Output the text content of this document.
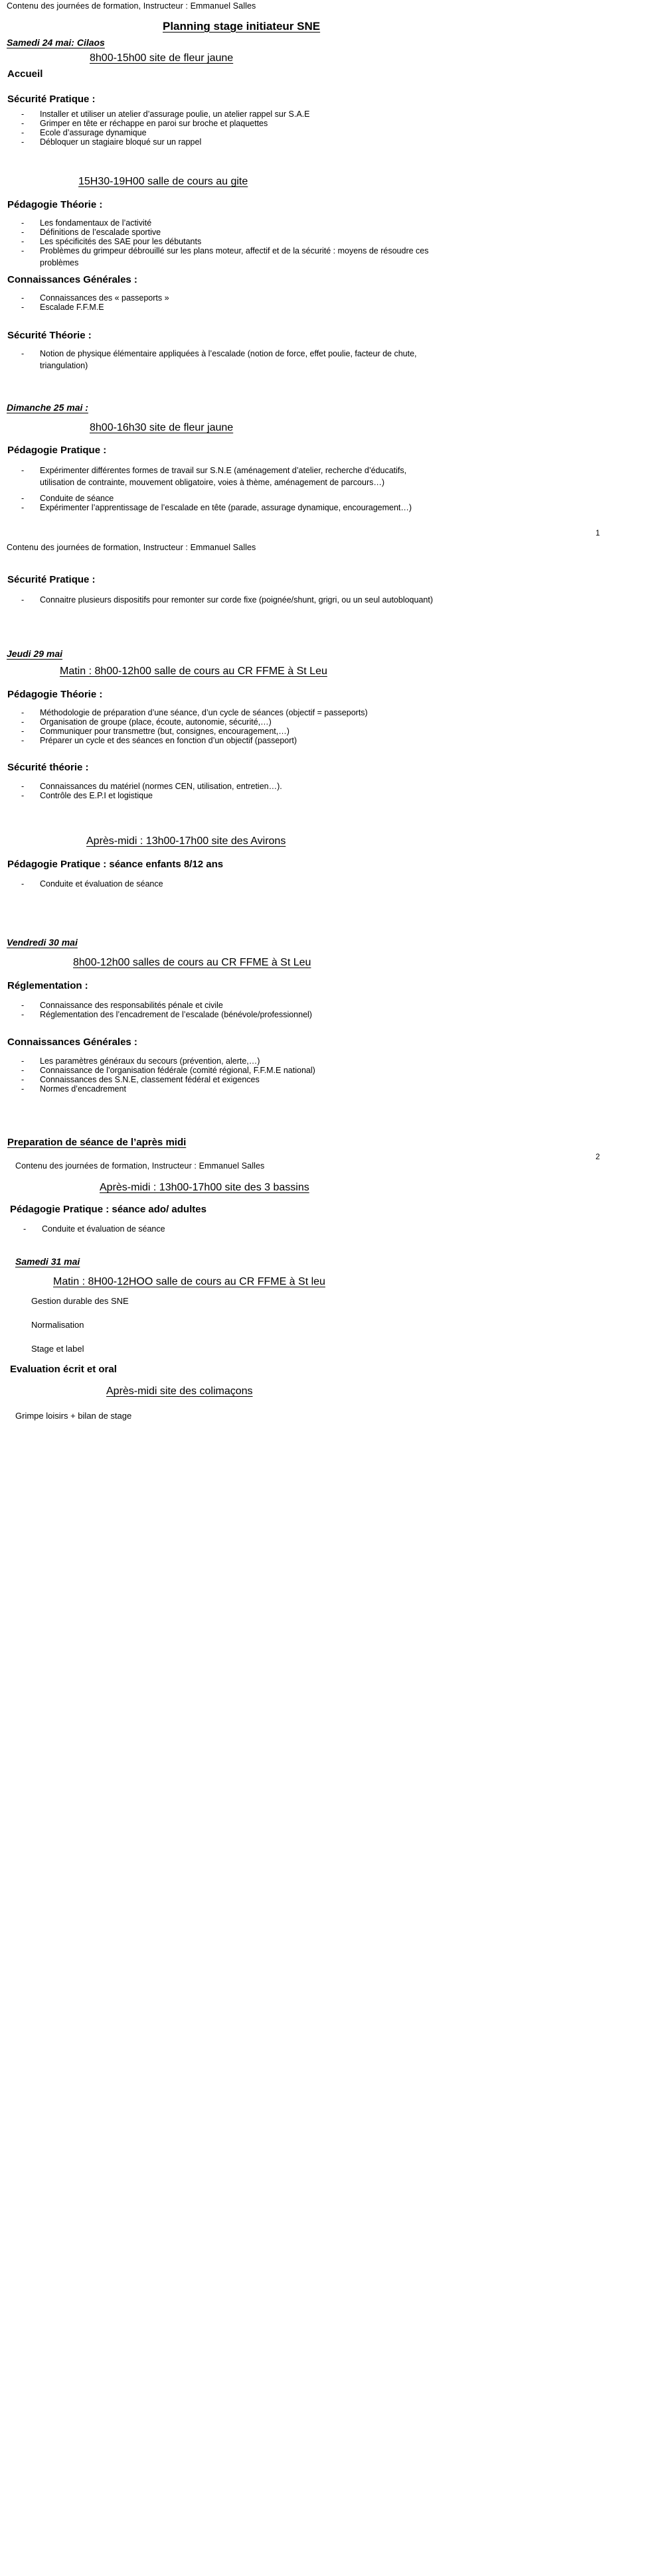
Contenu des journées de formation, Instructeur : Emmanuel Salles
Planning stage initiateur SNE
Samedi 24 mai: Cilaos
8h00-15h00 site de fleur jaune
Accueil
Sécurité Pratique :
- Installer et utiliser un atelier d’assurage poulie, un atelier rappel sur S.A.E
- Grimper en tête er réchappe en paroi sur broche et plaquettes
- Ecole d’assurage dynamique
- Débloquer un stagiaire bloqué sur un rappel
15H30-19H00 salle de cours au gite
Pédagogie Théorie :
- Les fondamentaux de l’activité
- Définitions de l’escalade sportive
- Les spécificités des SAE pour les débutants
- Problèmes du grimpeur débrouillé sur les plans moteur, affectif et de la sécurité : moyens de résoudre ces problèmes
Connaissances Générales :
- Connaissances des « passeports »
- Escalade F.F.M.E
Sécurité Théorie :
- Notion de physique élémentaire appliquées à l’escalade (notion de force, effet poulie, facteur de chute, triangulation)
Dimanche 25 mai :
8h00-16h30 site de fleur jaune
Pédagogie Pratique :
- Expérimenter différentes formes de travail sur S.N.E (aménagement d’atelier, recherche d’éducatifs, utilisation de contrainte, mouvement obligatoire, voies à thème, aménagement de parcours…)
- Conduite de séance
- Expérimenter l’apprentissage de l’escalade en tête (parade, assurage dynamique, encouragement…)
1
Contenu des journées de formation, Instructeur : Emmanuel Salles
Sécurité Pratique :
- Connaitre plusieurs dispositifs pour remonter sur corde fixe (poignée/shunt, grigri, ou un seul autobloquant)
Jeudi 29 mai
Matin : 8h00-12h00 salle de cours au CR FFME à St Leu
Pédagogie Théorie :
- Méthodologie de préparation d’une séance, d’un cycle de séances (objectif = passeports)
- Organisation de groupe (place, écoute, autonomie, sécurité,…)
- Communiquer pour transmettre (but, consignes, encouragement,…)
- Préparer un cycle et des séances en fonction d’un objectif (passeport)
Sécurité théorie :
- Connaissances du matériel (normes CEN, utilisation, entretien…).
- Contrôle des E.P.I et logistique
Après-midi : 13h00-17h00 site des Avirons
Pédagogie Pratique : séance enfants 8/12 ans
- Conduite et évaluation de séance
Vendredi 30 mai
8h00-12h00 salles de cours au CR FFME à St Leu
Réglementation :
- Connaissance des responsabilités pénale et civile
- Réglementation des l’encadrement de l’escalade (bénévole/professionnel)
Connaissances Générales :
- Les paramètres généraux du secours (prévention, alerte,…)
- Connaissance de l’organisation fédérale (comité régional, F.F.M.E national)
- Connaissances des S.N.E, classement fédéral et exigences
- Normes d’encadrement
Preparation de séance de l’après midi
2
Contenu des journées de formation, Instructeur : Emmanuel Salles
Après-midi : 13h00-17h00 site des 3 bassins
Pédagogie Pratique : séance ado/ adultes
- Conduite et évaluation de séance
Samedi 31 mai
Matin : 8H00-12HOO salle de cours au CR FFME à St leu
Gestion durable des SNE
Normalisation
Stage et label
Evaluation écrit et oral
Après-midi site des colimaçons
Grimpe loisirs + bilan de stage
